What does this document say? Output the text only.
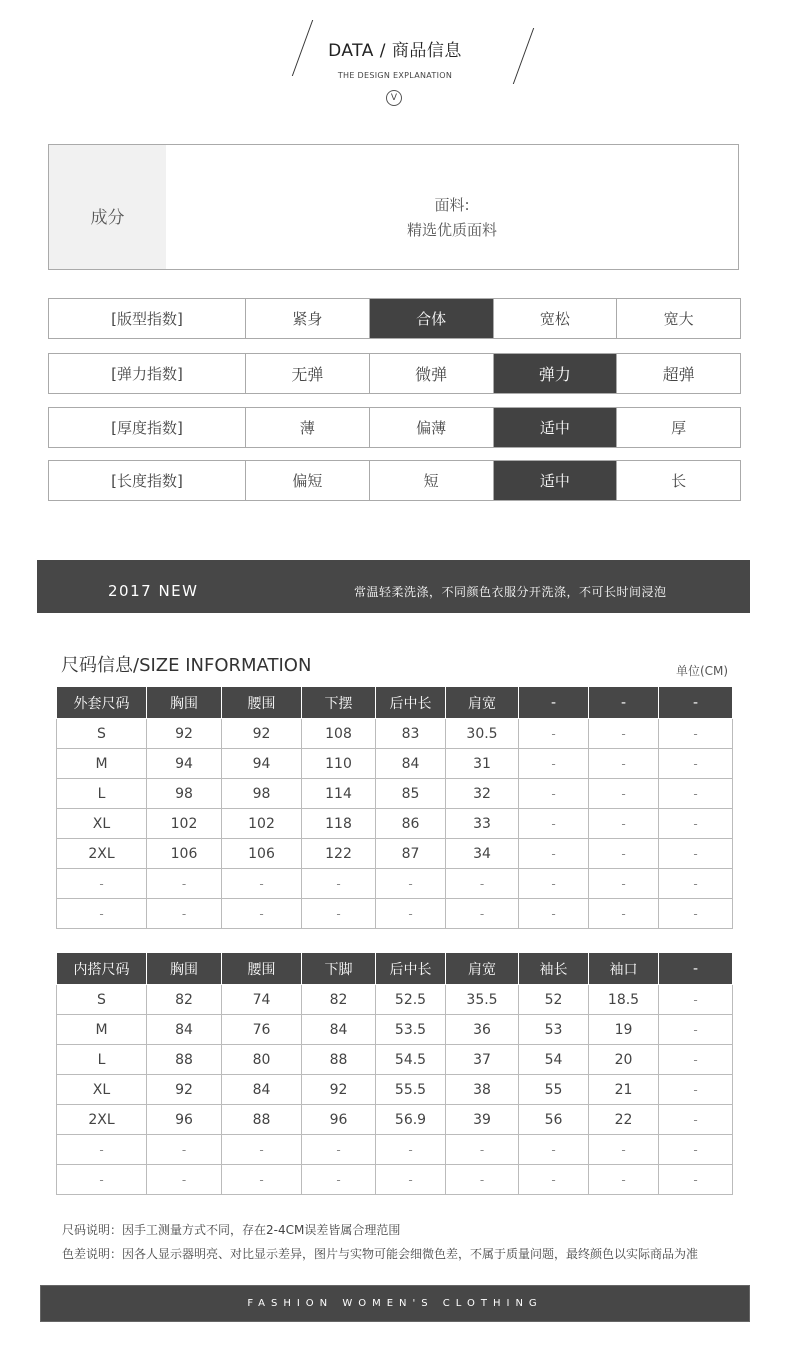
DATA / 商品信息
THE DESIGN EXPLANATION
V
成分
面料:
精选优质面料
[版型指数]	紧身	合体	宽松	宽大
[弹力指数]	无弹	微弹	弹力	超弹
[厚度指数]	薄	偏薄	适中	厚
[长度指数]	偏短	短	适中	长
2017 NEW	常温轻柔洗涤，不同颜色衣服分开洗涤，不可长时间浸泡
尺码信息/SIZE INFORMATION	单位(CM)
外套尺码	胸围	腰围	下摆	后中长	肩宽	-	-	-
S	92	92	108	83	30.5	-	-	-
M	94	94	110	84	31	-	-	-
L	98	98	114	85	32	-	-	-
XL	102	102	118	86	33	-	-	-
2XL	106	106	122	87	34	-	-	-
-	-	-	-	-	-	-	-	-
-	-	-	-	-	-	-	-	-
内搭尺码	胸围	腰围	下脚	后中长	肩宽	袖长	袖口	-
S	82	74	82	52.5	35.5	52	18.5	-
M	84	76	84	53.5	36	53	19	-
L	88	80	88	54.5	37	54	20	-
XL	92	84	92	55.5	38	55	21	-
2XL	96	88	96	56.9	39	56	22	-
-	-	-	-	-	-	-	-	-
-	-	-	-	-	-	-	-	-
尺码说明：因手工测量方式不同，存在2-4CM误差皆属合理范围
色差说明：因各人显示器明亮、对比显示差异，图片与实物可能会细微色差，不属于质量问题，最终颜色以实际商品为准
FASHION WOMEN'S CLOTHING
